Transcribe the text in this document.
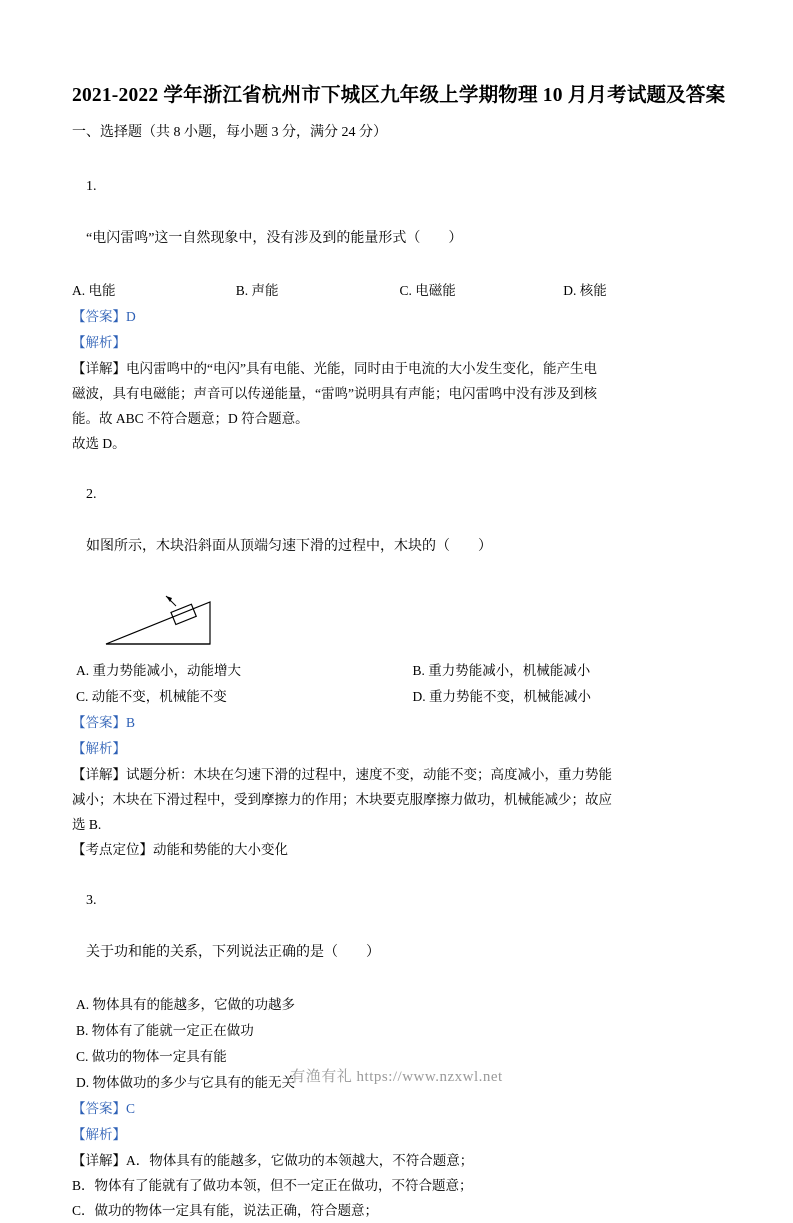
2021-2022 学年浙江省杭州市下城区九年级上学期物理 10 月月考试题及答案
一、选择题（共 8 小题，每小题 3 分，满分 24 分）

1.

“电闪雷鸣”这一自然现象中，没有涉及到的能量形式（        ）

A. 电能	B. 声能	C. 电磁能	D. 核能
【答案】D
【解析】
【详解】电闪雷鸣中的“电闪”具有电能、光能，同时由于电流的大小发生变化，能产生电
磁波，具有电磁能；声音可以传递能量，“雷鸣”说明具有声能；电闪雷鸣中没有涉及到核
能。故 ABC 不符合题意；D 符合题意。
故选 D。

2.

如图所示，木块沿斜面从顶端匀速下滑的过程中，木块的（        ）

A. 重力势能减小，动能增大	B. 重力势能减小，机械能减小
C. 动能不变，机械能不变	D. 重力势能不变，机械能减小
【答案】B
【解析】
【详解】试题分析：木块在匀速下滑的过程中，速度不变，动能不变；高度减小，重力势能
减小；木块在下滑过程中，受到摩擦力的作用；木块要克服摩擦力做功，机械能减少；故应
选 B.
【考点定位】动能和势能的大小变化

3.

关于功和能的关系，下列说法正确的是（        ）

A. 物体具有的能越多，它做的功越多
B. 物体有了能就一定正在做功
C. 做功的物体一定具有能
D. 物体做功的多少与它具有的能无关
【答案】C
【解析】
【详解】A．物体具有的能越多，它做功的本领越大，不符合题意；
B．物体有了能就有了做功本领，但不一定正在做功，不符合题意；
C．做功的物体一定具有能，说法正确，符合题意；
有渔有礼 https://www.nzxwl.net
